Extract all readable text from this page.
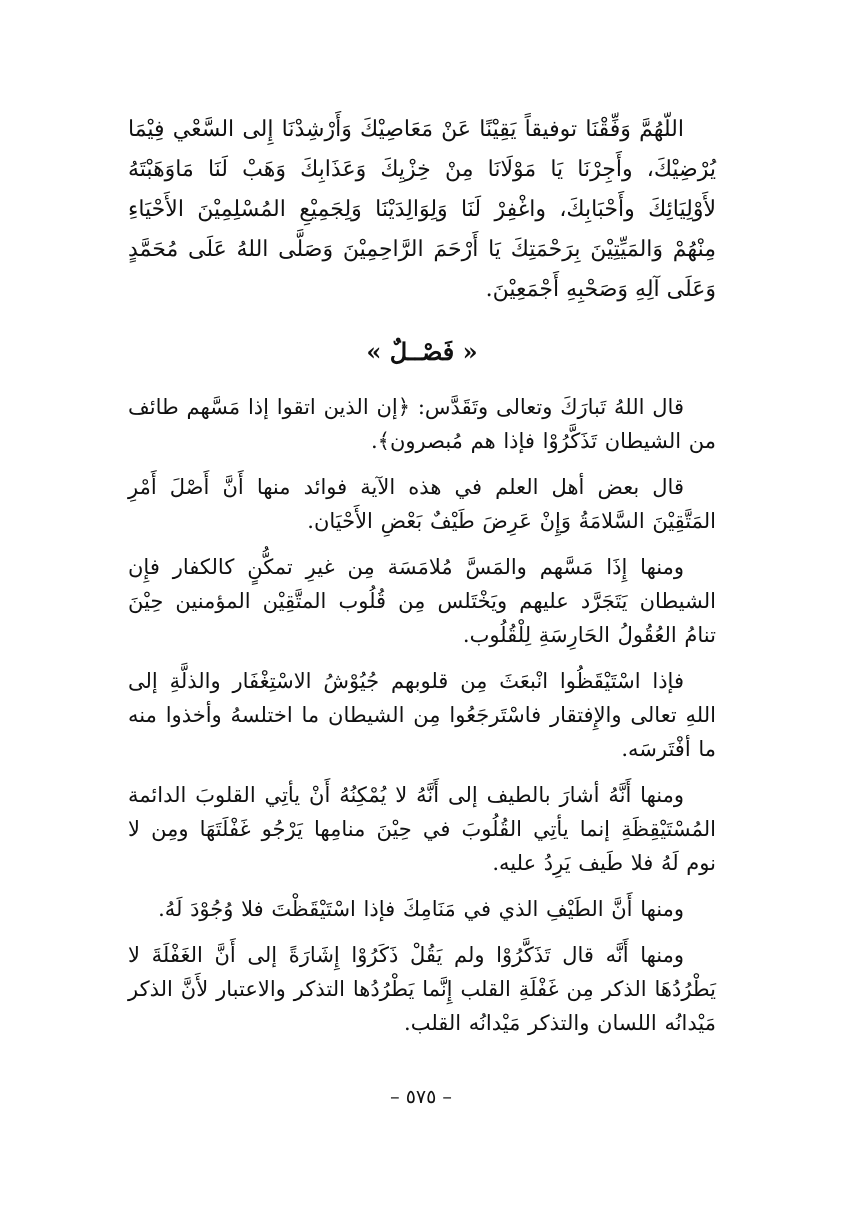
اللّهُمَّ وَفِّقْنَا توفيقاً يَقِيْنًا عَنْ مَعَاصِيْكَ وَأَرْشِدْنَا إِلى السَّعْي فِيْمَا يُرْضِيْكَ، وأَجِرْنَا يَا مَوْلَانَا مِنْ خِزْيِكَ وَعَذَابِكَ وَهَبْ لَنَا مَاوَهَبْتَهُ لأَوْلِيَائِكَ وأَحْبَابِكَ، واغْفِرْ لَنَا وَلِوَالِدَيْنَا وَلِجَمِيْعِ المُسْلِمِيْنَ الأَحْيَاءِ مِنْهُمْ وَالمَيِّتِيْنَ بِرَحْمَتِكَ يَا أَرْحَمَ الرَّاحِمِيْنَ وَصَلَّى اللهُ عَلَى مُحَمَّدٍ وَعَلَى آلِهِ وَصَحْبِهِ أَجْمَعِيْنَ.

« فَصْــلٌ »

قال اللهُ تَبارَكَ وتعالى وتَقَدَّس: ﴿إن الذين اتقوا إذا مَسَّهم طائف من الشيطان تَذَكَّرُوْا فإذا هم مُبصرون﴾.

قال بعض أهل العلم في هذه الآية فوائد منها أَنَّ أَصْلَ أَمْرِ المَتَّقِيْنَ السَّلامَةُ وَإِنْ عَرِضَ طَيْفٌ بَعْضِ الأَحْيَان.

ومنها إِذَا مَسَّهم والمَسَّ مُلامَسَة مِن غيرِ تمكُّنٍ كالكفار فإِن الشيطان يَتَجَرَّد عليهم ويَخْتَلس مِن قُلُوب المتَّقِيْن المؤمنين حِيْنَ تنامُ العُقُولُ الحَارِسَةِ لِلْقُلُوب.

فإذا اسْتَيْقَظُوا انْبعَثَ مِن قلوبهم جُيُوْشُ الاسْتِغْفَار والذلَّةِ إلى اللهِ تعالى والإِفتقار فاسْتَرجَعُوا مِن الشيطان ما اختلسهُ وأخذوا منه ما أفْتَرسَه.

ومنها أَنَّهُ أشارَ بالطيف إلى أَنَّهُ لا يُمْكِنُهُ أَنْ يأتِي القلوبَ الدائمة المُسْتَيْقِظَةِ إنما يأتِي القُلُوبَ في حِيْنَ منامِها يَرْجُو غَفْلَتَهَا ومِن لا نوم لَهُ فلا طَيف يَرِدُ عليه.

ومنها أَنَّ الطَيْفِ الذي في مَنَامِكَ فإذا اسْتَيْقَظْتَ فلا وُجُوْدَ لَهُ.

ومنها أَنَّه قال تَذَكَّرُوْا ولم يَقُلْ ذَكَرُوْا إِشَارَةً إلى أَنَّ الغَفْلَةَ لا يَطْرُدُهَا الذكر مِن غَفْلَةِ القلب إِنَّما يَطْرُدُها التذكر والاعتبار لأَنَّ الذكر مَيْدانُه اللسان والتذكر مَيْدانُه القلب.

– ٥٧٥ –
